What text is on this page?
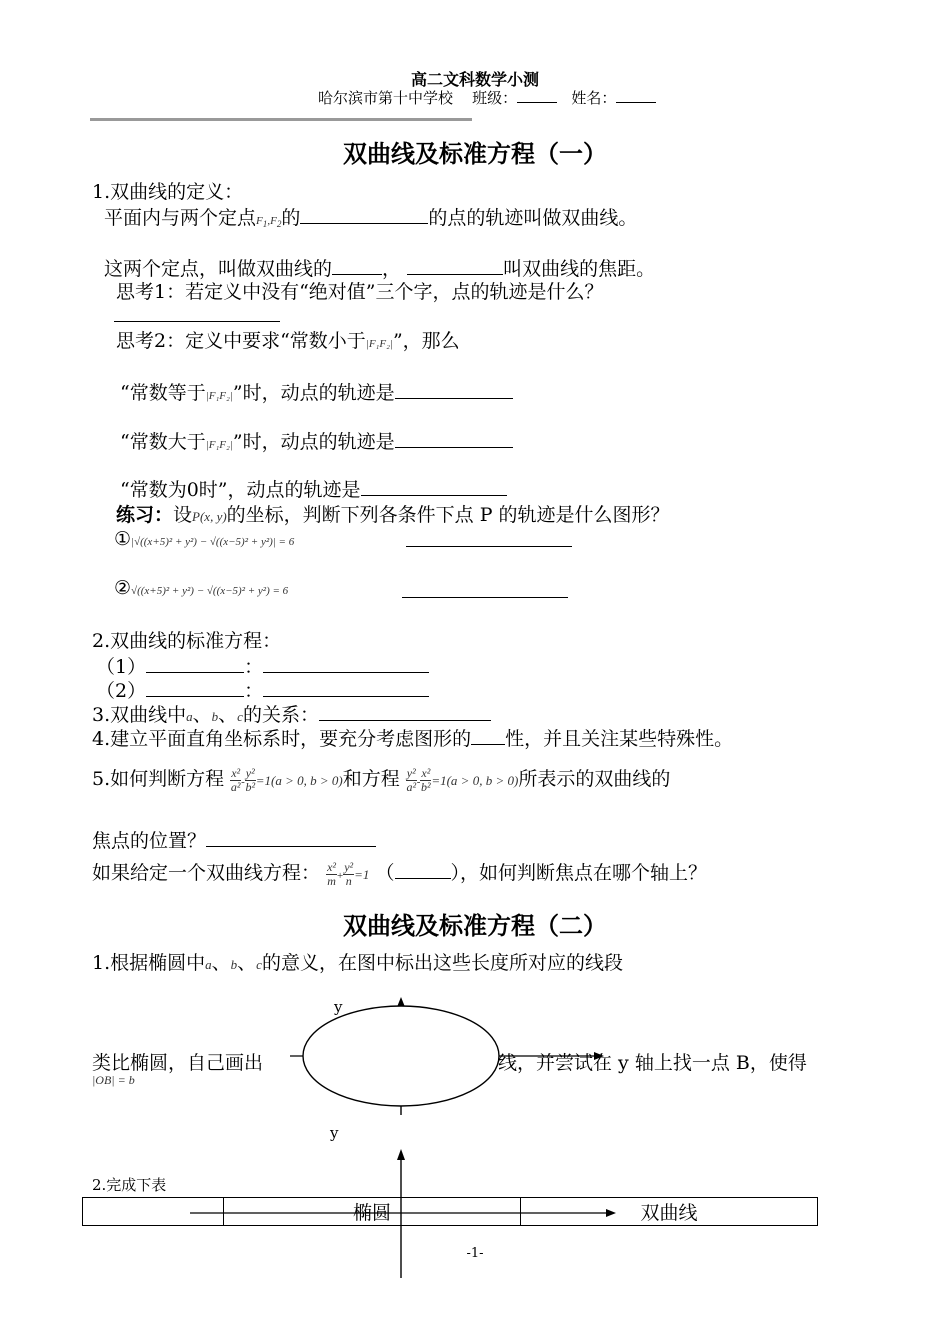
高二文科数学小测
哈尔滨市第十中学校 班级：	姓名：
双曲线及标准方程（一）
1.双曲线的定义：
平面内与两个定点$F_1,F_2$的	的点的轨迹叫做双曲线。
这两个定点，叫做双曲线的	，	叫双曲线的焦距。
思考1：若定义中没有“绝对值”三个字，点的轨迹是什么？
思考2：定义中要求“常数小于|F₁F₂|”，那么
“常数等于|F₁F₂|”时，动点的轨迹是
“常数大于|F₁F₂|”时，动点的轨迹是
“常数为0时”，动点的轨迹是
练习：设P(x, y)的坐标，判断下列各条件下点 P 的轨迹是什么图形？
①|√((x+5)² + y²) − √((x−5)² + y²)| = 6
②√((x+5)² + y²) − √((x−5)² + y²) = 6
2.双曲线的标准方程：
（1）	：
（2）	：
3.双曲线中a、b、c的关系：
4.建立平面直角坐标系时，要充分考虑图形的 性，并且关注某些特殊性。
5.如何判断方程 $\frac{\text{x²}}{\text{a²}} - \frac{\text{y²}}{\text{b²}} =1(a > 0$, b > 0)和方程 $\frac{\text{y²}}{\text{a²}} - \frac{\text{x²}}{\text{b²}} =1(a > 0$, b > 0)所表示的双曲线的
焦点的位置？
如果给定一个双曲线方程： $\frac{\text{x²}}{m} + \frac{\text{y²}}{n} =1$ （	），如何判断焦点在哪个轴上？
双曲线及标准方程（二）
1.根据椭圆中a、b、c的意义，在图中标出这些长度所对应的线段
y
类比椭圆，自己画出	线，并尝试在 y 轴上找一点 B，使得
|OB| = b
y
2.完成下表
	椭圆	双曲线
-1-
